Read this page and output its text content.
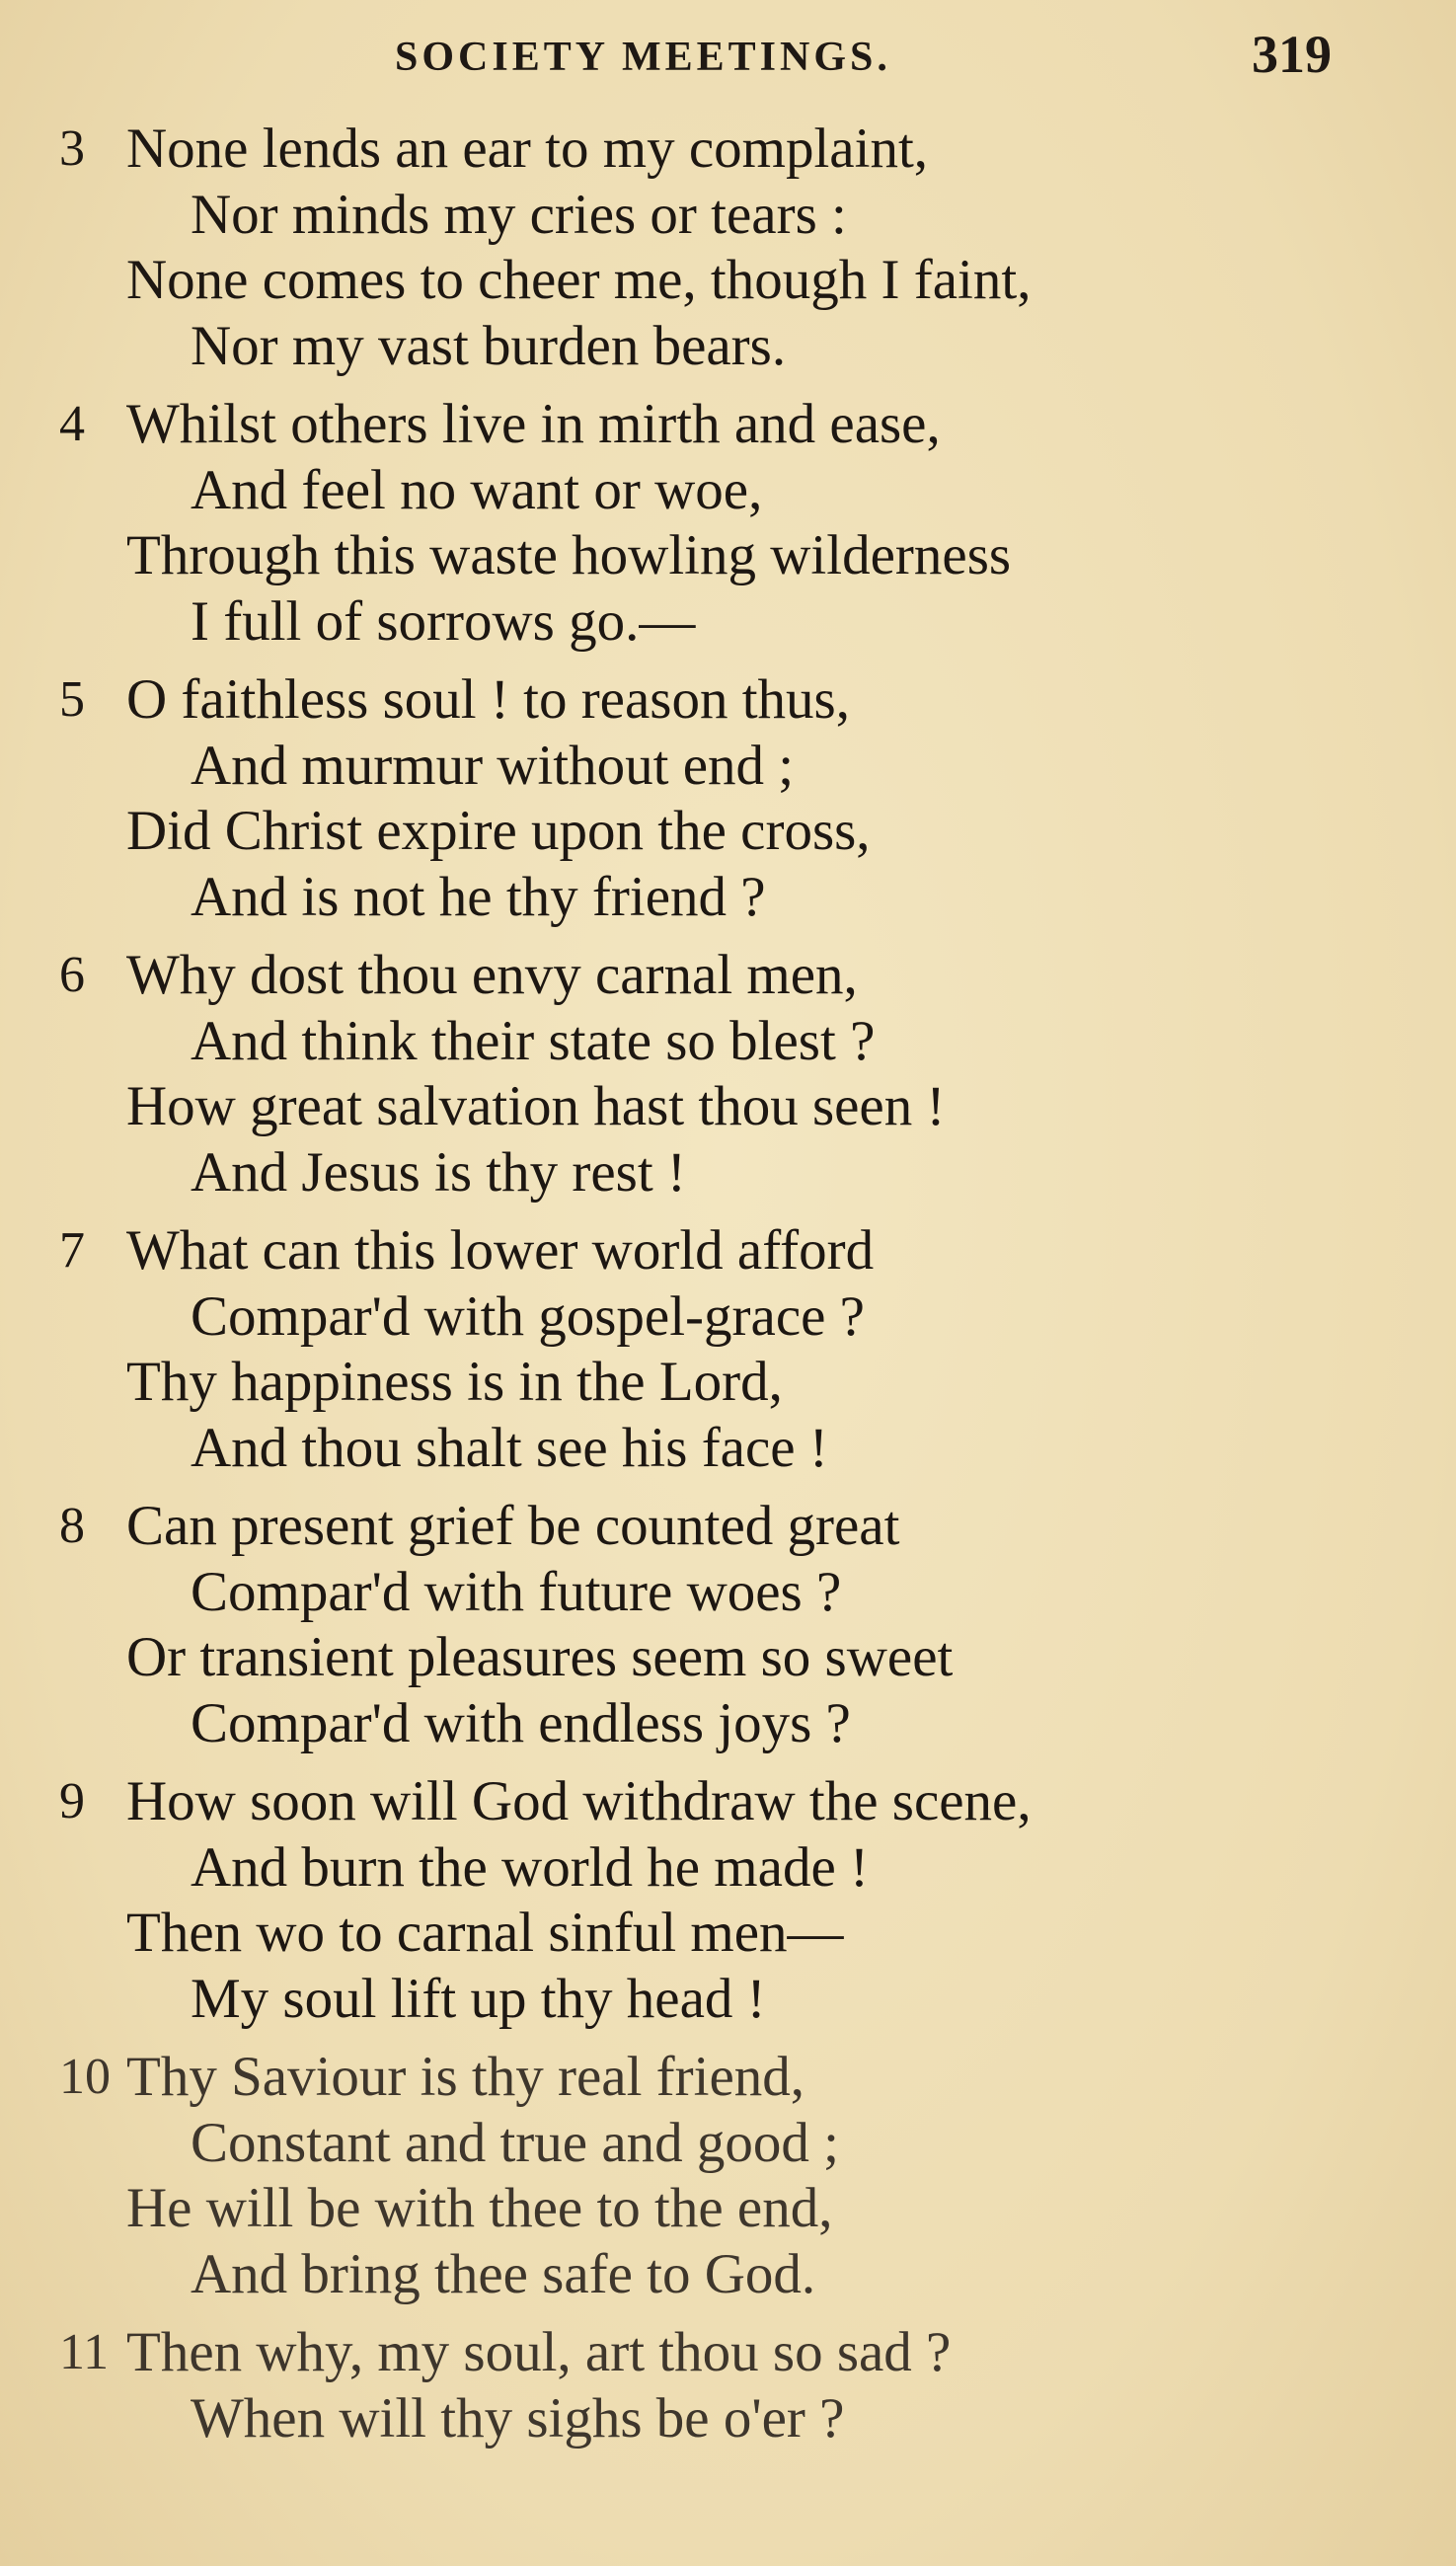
SOCIETY MEETINGS.	319
3 None lends an ear to my complaint,
Nor minds my cries or tears :
None comes to cheer me, though I faint,
Nor my vast burden bears.
4 Whilst others live in mirth and ease,
And feel no want or woe,
Through this waste howling wilderness
I full of sorrows go.—
5 O faithless soul ! to reason thus,
And murmur without end ;
Did Christ expire upon the cross,
And is not he thy friend ?
6 Why dost thou envy carnal men,
And think their state so blest ?
How great salvation hast thou seen !
And Jesus is thy rest !
7 What can this lower world afford
Compar'd with gospel-grace ?
Thy happiness is in the Lord,
And thou shalt see his face !
8 Can present grief be counted great
Compar'd with future woes ?
Or transient pleasures seem so sweet
Compar'd with endless joys ?
9 How soon will God withdraw the scene,
And burn the world he made !
Then wo to carnal sinful men—
My soul lift up thy head !
10 Thy Saviour is thy real friend,
Constant and true and good ;
He will be with thee to the end,
And bring thee safe to God.
11 Then why, my soul, art thou so sad ?
When will thy sighs be o'er ?
